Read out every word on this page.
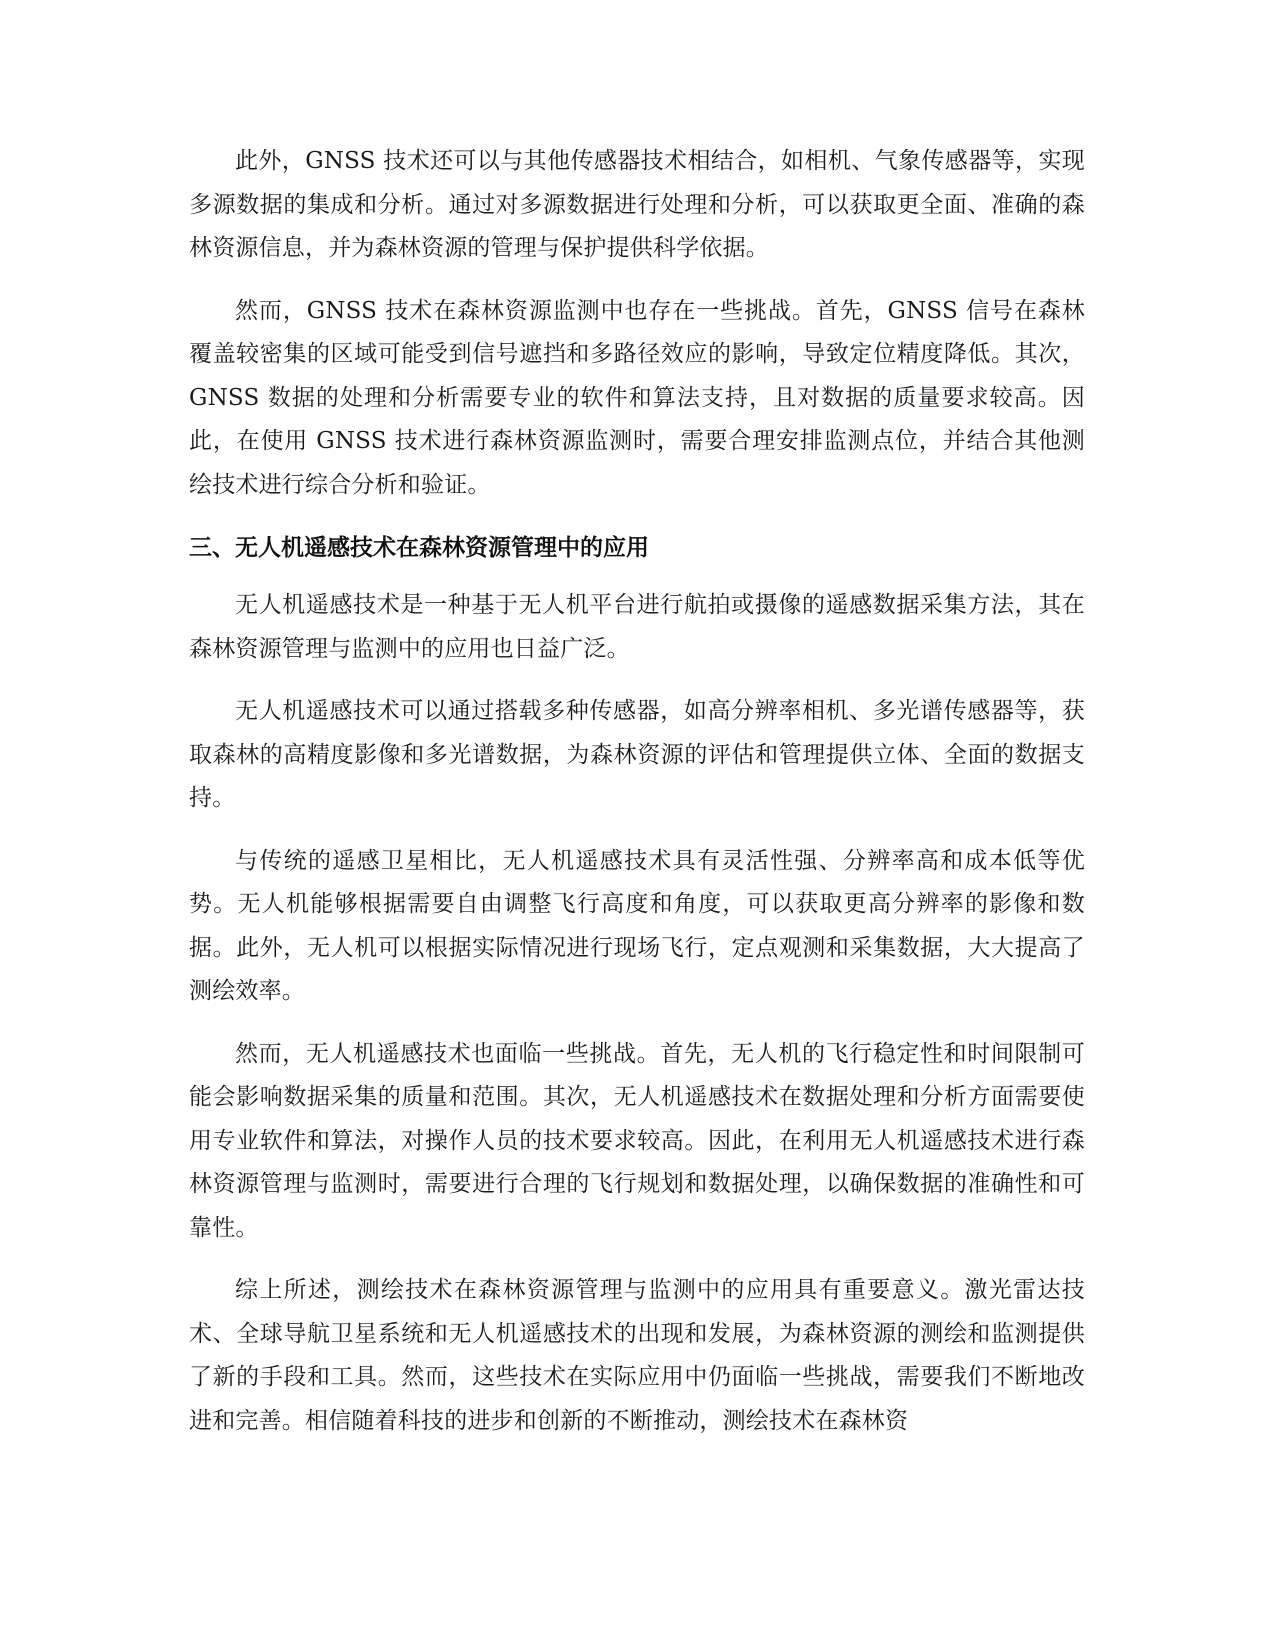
此外，GNSS 技术还可以与其他传感器技术相结合，如相机、气象传感器等，实现多源数据的集成和分析。通过对多源数据进行处理和分析，可以获取更全面、准确的森林资源信息，并为森林资源的管理与保护提供科学依据。

然而，GNSS 技术在森林资源监测中也存在一些挑战。首先，GNSS 信号在森林覆盖较密集的区域可能受到信号遮挡和多路径效应的影响，导致定位精度降低。其次，GNSS 数据的处理和分析需要专业的软件和算法支持，且对数据的质量要求较高。因此，在使用 GNSS 技术进行森林资源监测时，需要合理安排监测点位，并结合其他测绘技术进行综合分析和验证。

三、无人机遥感技术在森林资源管理中的应用

无人机遥感技术是一种基于无人机平台进行航拍或摄像的遥感数据采集方法，其在森林资源管理与监测中的应用也日益广泛。

无人机遥感技术可以通过搭载多种传感器，如高分辨率相机、多光谱传感器等，获取森林的高精度影像和多光谱数据，为森林资源的评估和管理提供立体、全面的数据支持。

与传统的遥感卫星相比，无人机遥感技术具有灵活性强、分辨率高和成本低等优势。无人机能够根据需要自由调整飞行高度和角度，可以获取更高分辨率的影像和数据。此外，无人机可以根据实际情况进行现场飞行，定点观测和采集数据，大大提高了测绘效率。

然而，无人机遥感技术也面临一些挑战。首先，无人机的飞行稳定性和时间限制可能会影响数据采集的质量和范围。其次，无人机遥感技术在数据处理和分析方面需要使用专业软件和算法，对操作人员的技术要求较高。因此，在利用无人机遥感技术进行森林资源管理与监测时，需要进行合理的飞行规划和数据处理，以确保数据的准确性和可靠性。

综上所述，测绘技术在森林资源管理与监测中的应用具有重要意义。激光雷达技术、全球导航卫星系统和无人机遥感技术的出现和发展，为森林资源的测绘和监测提供了新的手段和工具。然而，这些技术在实际应用中仍面临一些挑战，需要我们不断地改进和完善。相信随着科技的进步和创新的不断推动，测绘技术在森林资
